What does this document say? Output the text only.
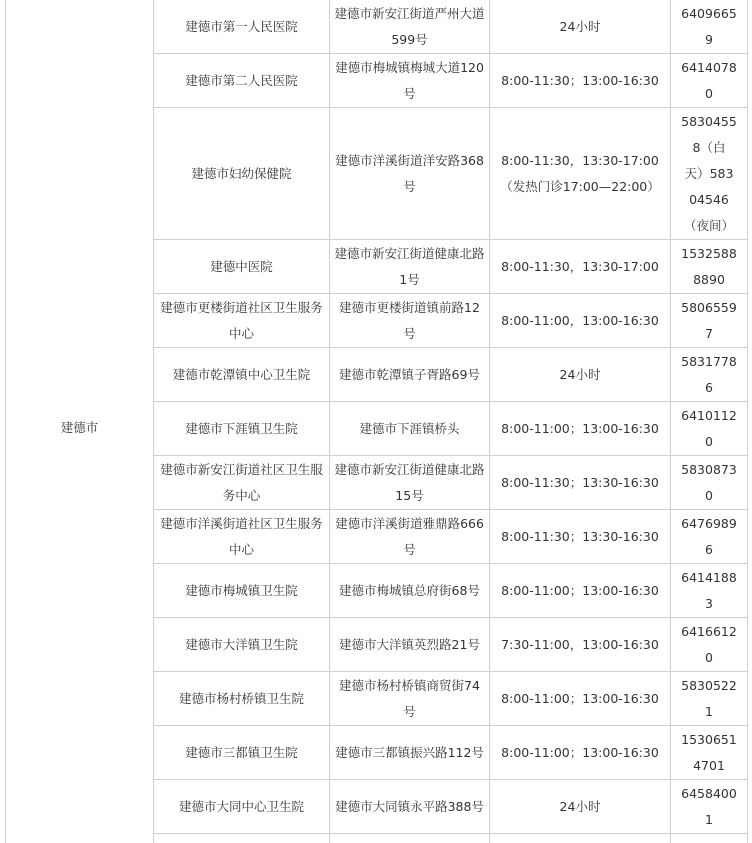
建德市	建德市第一人民医院	建德市新安江街道严州大道599号	24小时	6409665
9
	建德市第二人民医院	建德市梅城镇梅城大道120号	8:00-11:30；13:00-16:30	6414078
0
	建德市妇幼保健院	建德市洋溪街道洋安路368号	8:00-11:30，13:30-17:00 （发热门诊17:00—22:00）	5830455
8（白
天）583
04546
（夜间）
	建德中医院	建德市新安江街道健康北路1号	8:00-11:30，13:30-17:00	1532588
8890
	建德市更楼街道社区卫生服务中心	建德市更楼街道镇前路12号	8:00-11:00，13:00-16:30	5806559
7
	建德市乾潭镇中心卫生院	建德市乾潭镇子胥路69号	24小时	5831778
6
	建德市下涯镇卫生院	建德市下涯镇桥头	8:00-11:00；13:00-16:30	6410112
0
	建德市新安江街道社区卫生服务中心	建德市新安江街道健康北路15号	8:00-11:30；13:30-16:30	5830873
0
	建德市洋溪街道社区卫生服务中心	建德市洋溪街道雅鼎路666号	8:00-11:30；13:30-16:30	6476989
6
	建德市梅城镇卫生院	建德市梅城镇总府街68号	8:00-11:00；13:00-16:30	6414188
3
	建德市大洋镇卫生院	建德市大洋镇英烈路21号	7:30-11:00，13:00-16:30	6416612
0
	建德市杨村桥镇卫生院	建德市杨村桥镇商贸街74号	8:00-11:00；13:00-16:30	5830522
1
	建德市三都镇卫生院	建德市三都镇振兴路112号	8:00-11:00；13:00-16:30	1530651
4701
	建德市大同中心卫生院	建德市大同镇永平路388号	24小时	6458400
1
